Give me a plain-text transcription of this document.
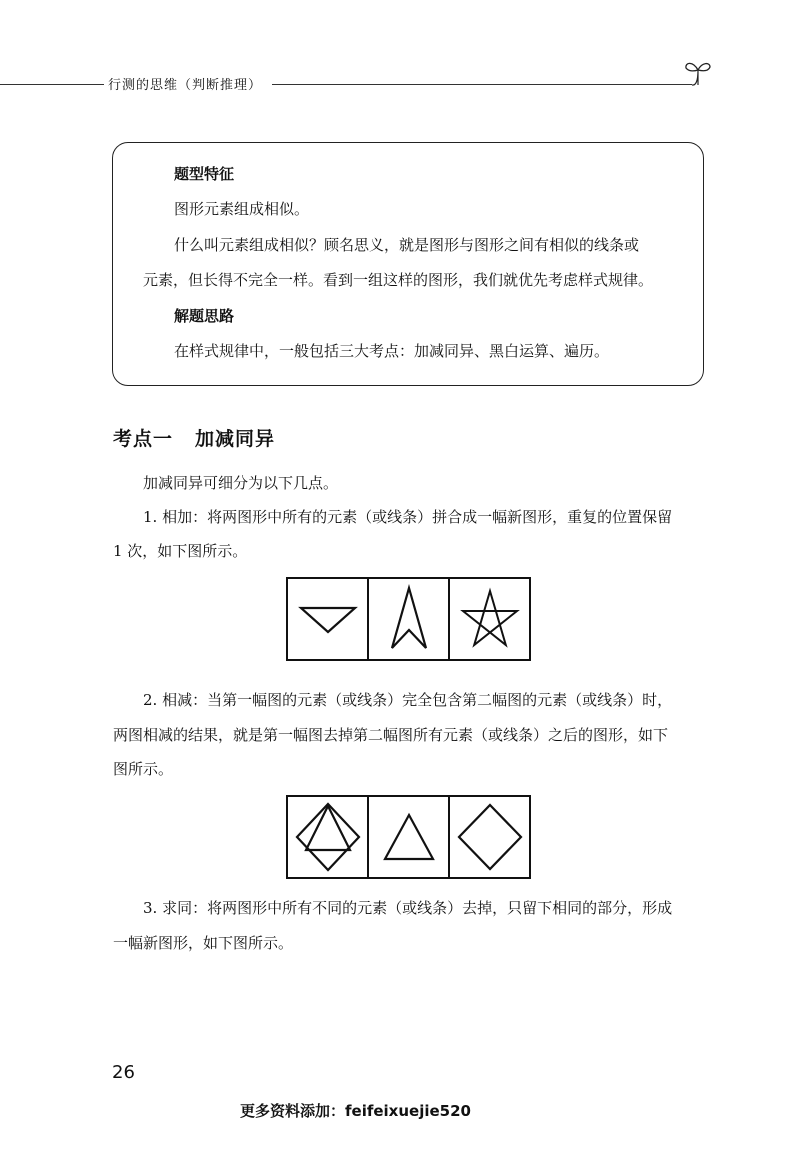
行测的思维（判断推理）
题型特征
图形元素组成相似。
什么叫元素组成相似？顾名思义，就是图形与图形之间有相似的线条或
元素，但长得不完全一样。看到一组这样的图形，我们就优先考虑样式规律。
解题思路
在样式规律中，一般包括三大考点：加减同异、黑白运算、遍历。
考点一 加减同异
加减同异可细分为以下几点。
1. 相加：将两图形中所有的元素（或线条）拼合成一幅新图形，重复的位置保留
1 次，如下图所示。
2. 相减：当第一幅图的元素（或线条）完全包含第二幅图的元素（或线条）时，
两图相减的结果，就是第一幅图去掉第二幅图所有元素（或线条）之后的图形，如下
图所示。
3. 求同：将两图形中所有不同的元素（或线条）去掉，只留下相同的部分，形成
一幅新图形，如下图所示。
26
更多资料添加：feifeixuejie520
